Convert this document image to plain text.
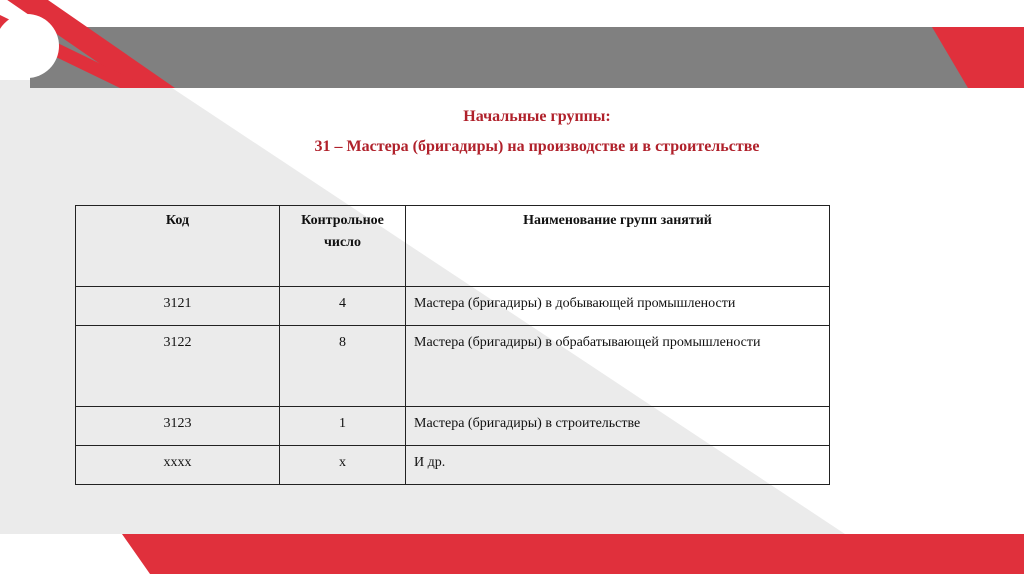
Начальные группы:
31 – Мастера (бригадиры) на производстве и в строительстве
Код	Контрольное число	Наименование групп занятий
3121	4	Мастера (бригадиры) в добывающей промышлености
3122	8	Мастера (бригадиры) в обрабатывающей промышлености
3123	1	Мастера (бригадиры) в строительстве
хххх	х	И др.
